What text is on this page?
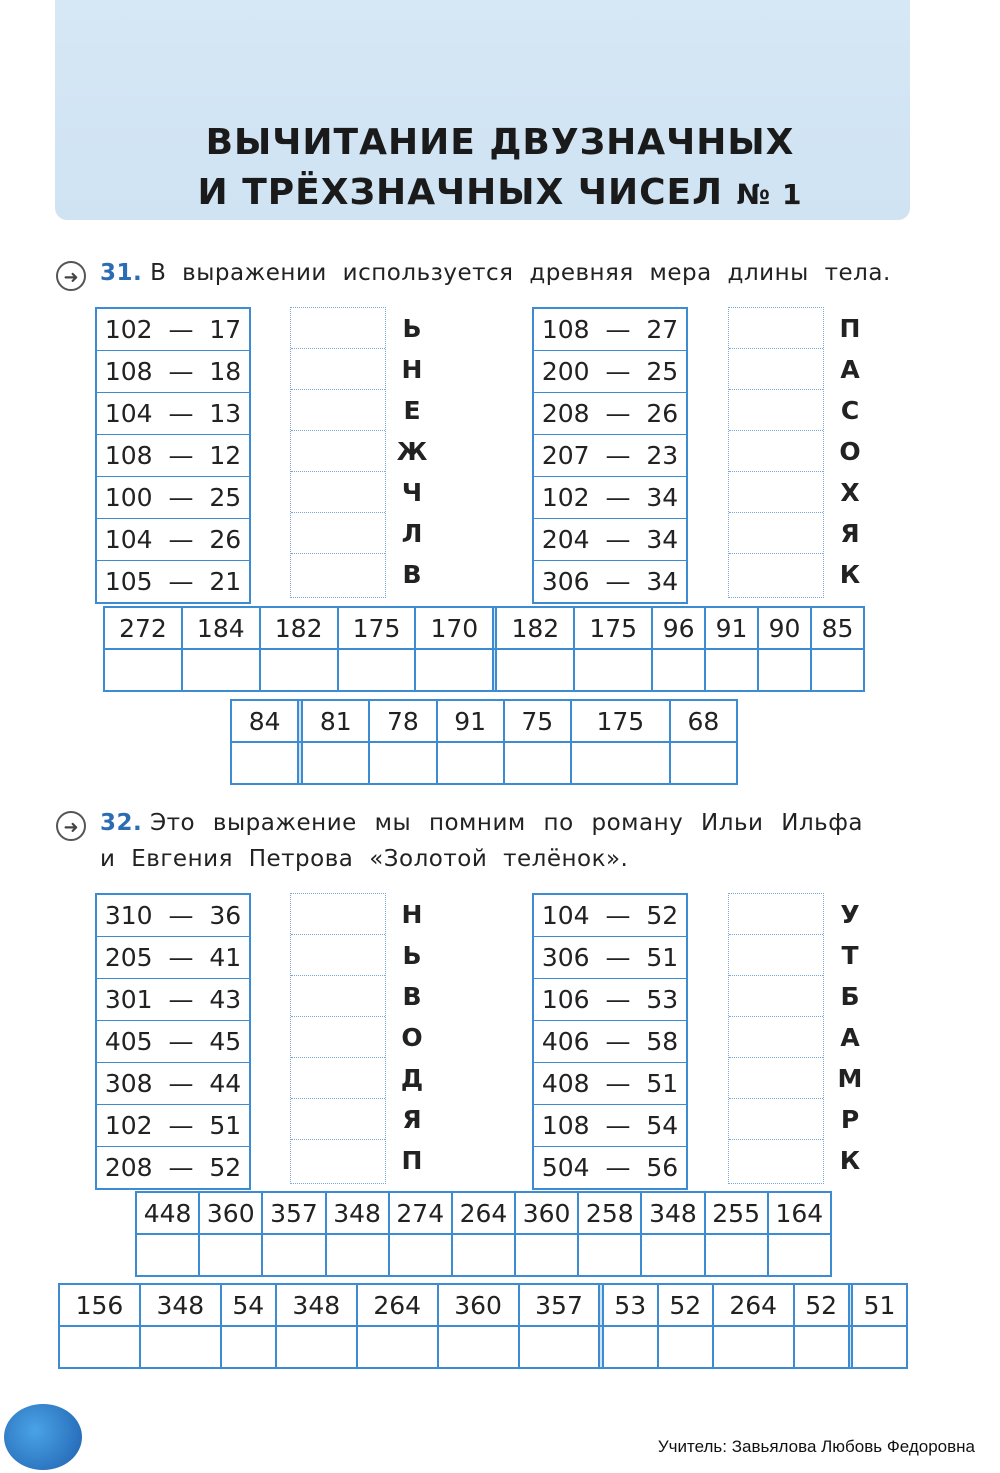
ВЫЧИТАНИЕ ДВУЗНАЧНЫХ
И ТРЁХЗНАЧНЫХ ЧИСЕЛ № 1
➜ 31. В выражении используется древняя мера длины тела.
102  —  17
108  —  18
104  —  13
108  —  12
100  —  25
104  —  26
105  —  21
Ь
Н
Е
Ж
Ч
Л
В
108  —  27
200  —  25
208  —  26
207  —  23
102  —  34
204  —  34
306  —  34
П
А
С
О
Х
Я
К
272	184	182	175	170		182	175	96	91	90	85

84		81	78	91	75	175	68

➜ 32. Это выражение мы помним по роману Ильи Ильфа
и Евгения Петрова «Золотой телёнок».
310  —  36
205  —  41
301  —  43
405  —  45
308  —  44
102  —  51
208  —  52
Н
Ь
В
О
Д
Я
П
104  —  52
306  —  51
106  —  53
406  —  58
408  —  51
108  —  54
504  —  56
У
Т
Б
А
М
Р
К
448	360	357	348	274	264	360	258	348	255	164

156	348	54	348	264	360	357		53	52	264	52		51

Учитель: Завьялова Любовь Федоровна
